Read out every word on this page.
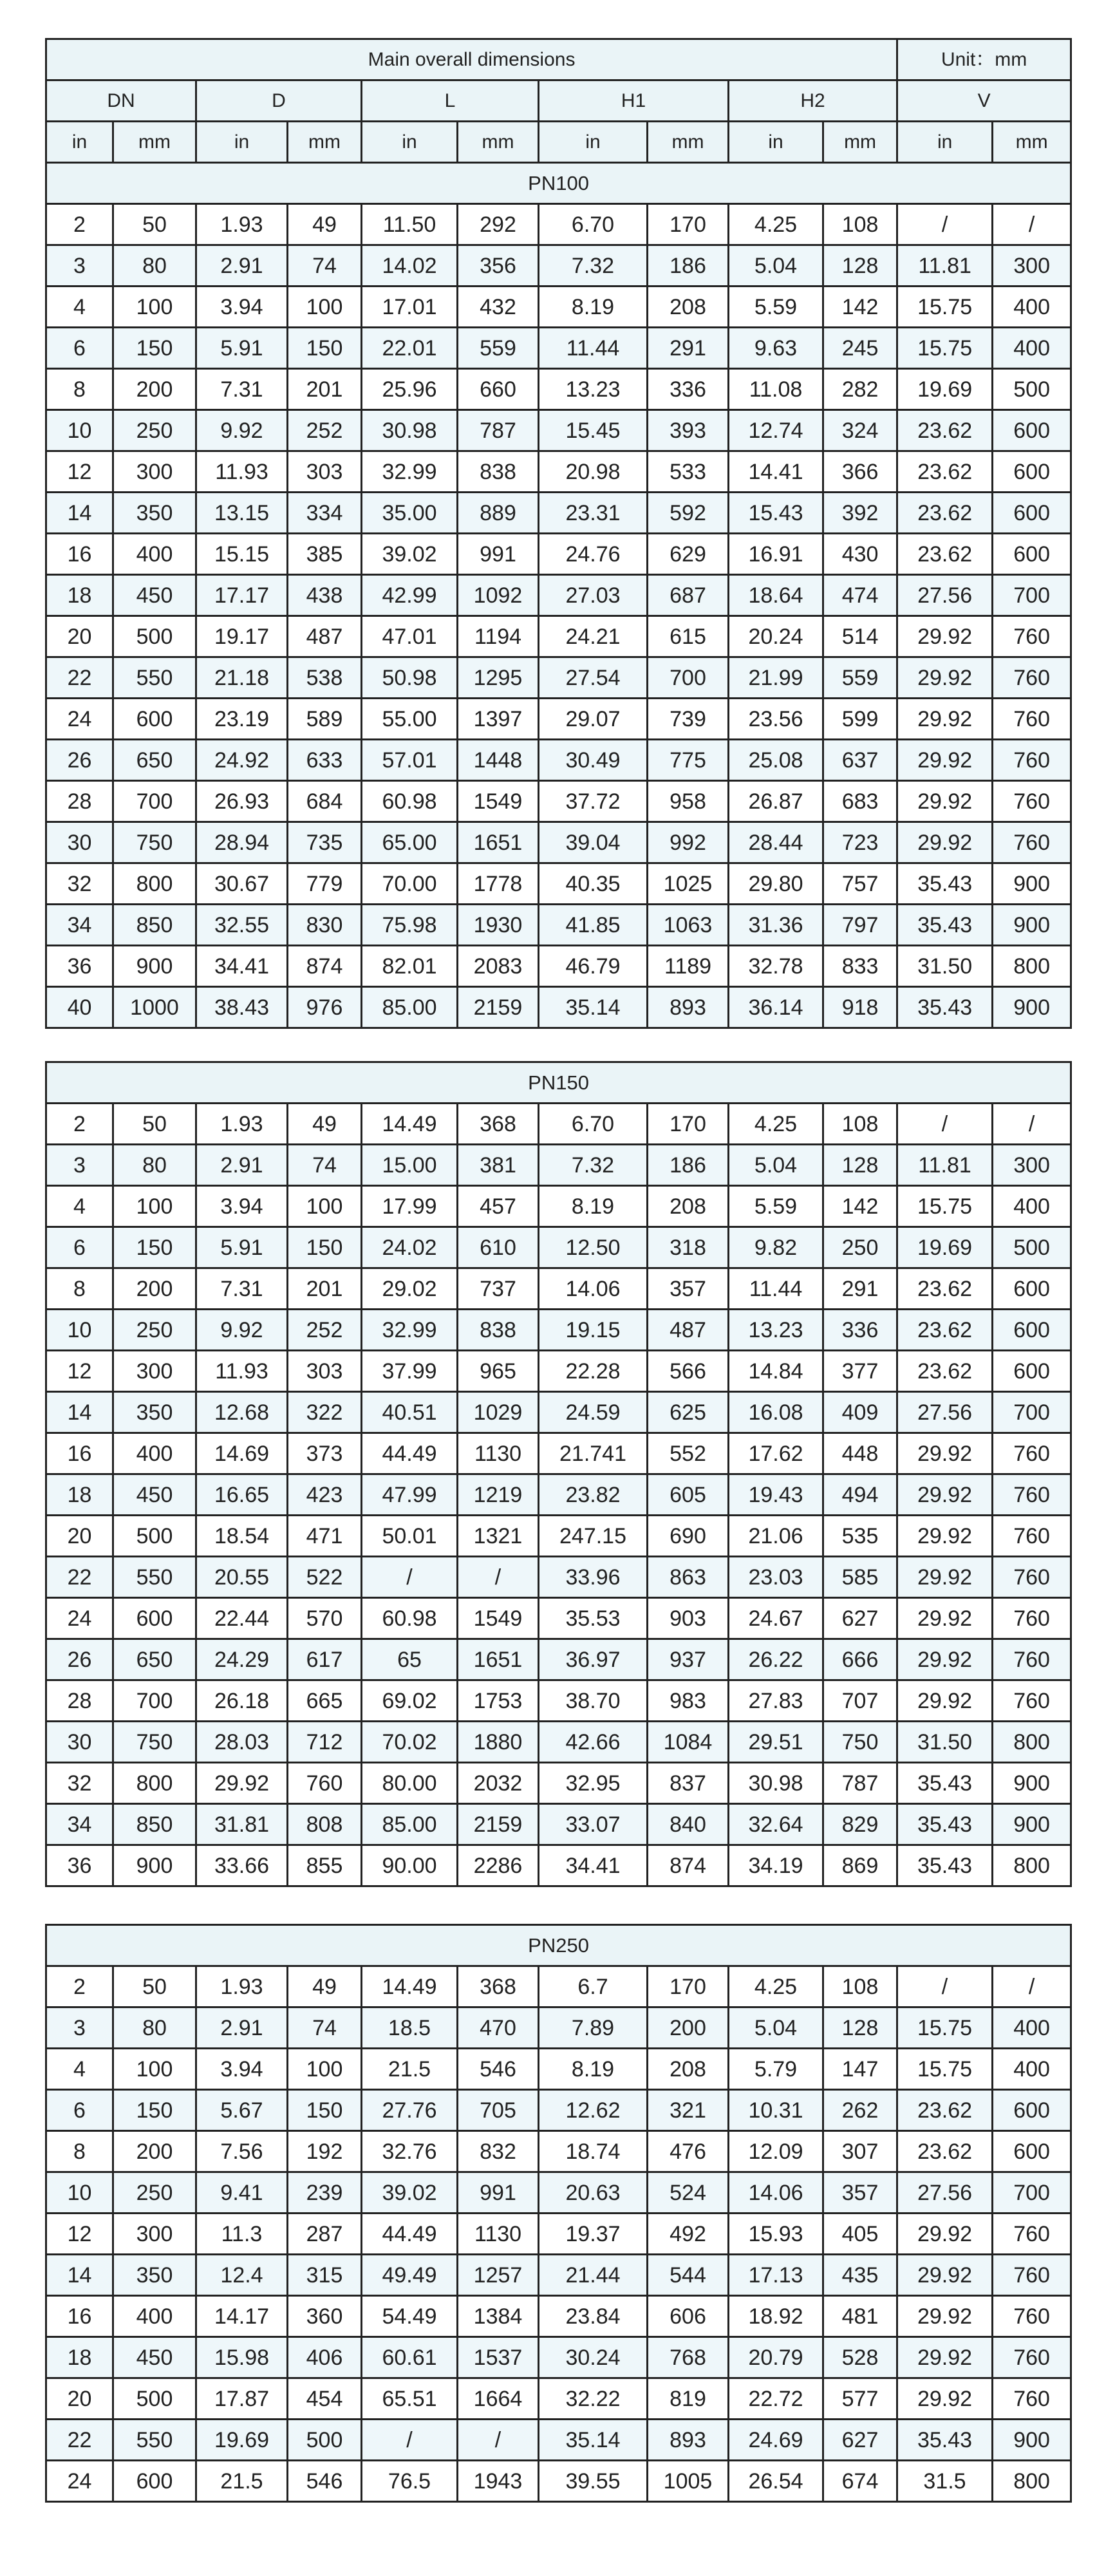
Main overall dimensions										Unit：mm	
DN		D		L		H1		H2		V	
in	mm	in	mm	in	mm	in	mm	in	mm	in	mm
PN100											
2	50	1.93	49	11.50	292	6.70	170	4.25	108	/	/
3	80	2.91	74	14.02	356	7.32	186	5.04	128	11.81	300
4	100	3.94	100	17.01	432	8.19	208	5.59	142	15.75	400
6	150	5.91	150	22.01	559	11.44	291	9.63	245	15.75	400
8	200	7.31	201	25.96	660	13.23	336	11.08	282	19.69	500
10	250	9.92	252	30.98	787	15.45	393	12.74	324	23.62	600
12	300	11.93	303	32.99	838	20.98	533	14.41	366	23.62	600
14	350	13.15	334	35.00	889	23.31	592	15.43	392	23.62	600
16	400	15.15	385	39.02	991	24.76	629	16.91	430	23.62	600
18	450	17.17	438	42.99	1092	27.03	687	18.64	474	27.56	700
20	500	19.17	487	47.01	1194	24.21	615	20.24	514	29.92	760
22	550	21.18	538	50.98	1295	27.54	700	21.99	559	29.92	760
24	600	23.19	589	55.00	1397	29.07	739	23.56	599	29.92	760
26	650	24.92	633	57.01	1448	30.49	775	25.08	637	29.92	760
28	700	26.93	684	60.98	1549	37.72	958	26.87	683	29.92	760
30	750	28.94	735	65.00	1651	39.04	992	28.44	723	29.92	760
32	800	30.67	779	70.00	1778	40.35	1025	29.80	757	35.43	900
34	850	32.55	830	75.98	1930	41.85	1063	31.36	797	35.43	900
36	900	34.41	874	82.01	2083	46.79	1189	32.78	833	31.50	800
40	1000	38.43	976	85.00	2159	35.14	893	36.14	918	35.43	900
PN150											
2	50	1.93	49	14.49	368	6.70	170	4.25	108	/	/
3	80	2.91	74	15.00	381	7.32	186	5.04	128	11.81	300
4	100	3.94	100	17.99	457	8.19	208	5.59	142	15.75	400
6	150	5.91	150	24.02	610	12.50	318	9.82	250	19.69	500
8	200	7.31	201	29.02	737	14.06	357	11.44	291	23.62	600
10	250	9.92	252	32.99	838	19.15	487	13.23	336	23.62	600
12	300	11.93	303	37.99	965	22.28	566	14.84	377	23.62	600
14	350	12.68	322	40.51	1029	24.59	625	16.08	409	27.56	700
16	400	14.69	373	44.49	1130	21.741	552	17.62	448	29.92	760
18	450	16.65	423	47.99	1219	23.82	605	19.43	494	29.92	760
20	500	18.54	471	50.01	1321	247.15	690	21.06	535	29.92	760
22	550	20.55	522	/	/	33.96	863	23.03	585	29.92	760
24	600	22.44	570	60.98	1549	35.53	903	24.67	627	29.92	760
26	650	24.29	617	65	1651	36.97	937	26.22	666	29.92	760
28	700	26.18	665	69.02	1753	38.70	983	27.83	707	29.92	760
30	750	28.03	712	70.02	1880	42.66	1084	29.51	750	31.50	800
32	800	29.92	760	80.00	2032	32.95	837	30.98	787	35.43	900
34	850	31.81	808	85.00	2159	33.07	840	32.64	829	35.43	900
36	900	33.66	855	90.00	2286	34.41	874	34.19	869	35.43	800
PN250											
2	50	1.93	49	14.49	368	6.7	170	4.25	108	/	/
3	80	2.91	74	18.5	470	7.89	200	5.04	128	15.75	400
4	100	3.94	100	21.5	546	8.19	208	5.79	147	15.75	400
6	150	5.67	150	27.76	705	12.62	321	10.31	262	23.62	600
8	200	7.56	192	32.76	832	18.74	476	12.09	307	23.62	600
10	250	9.41	239	39.02	991	20.63	524	14.06	357	27.56	700
12	300	11.3	287	44.49	1130	19.37	492	15.93	405	29.92	760
14	350	12.4	315	49.49	1257	21.44	544	17.13	435	29.92	760
16	400	14.17	360	54.49	1384	23.84	606	18.92	481	29.92	760
18	450	15.98	406	60.61	1537	30.24	768	20.79	528	29.92	760
20	500	17.87	454	65.51	1664	32.22	819	22.72	577	29.92	760
22	550	19.69	500	/	/	35.14	893	24.69	627	35.43	900
24	600	21.5	546	76.5	1943	39.55	1005	26.54	674	31.5	800
